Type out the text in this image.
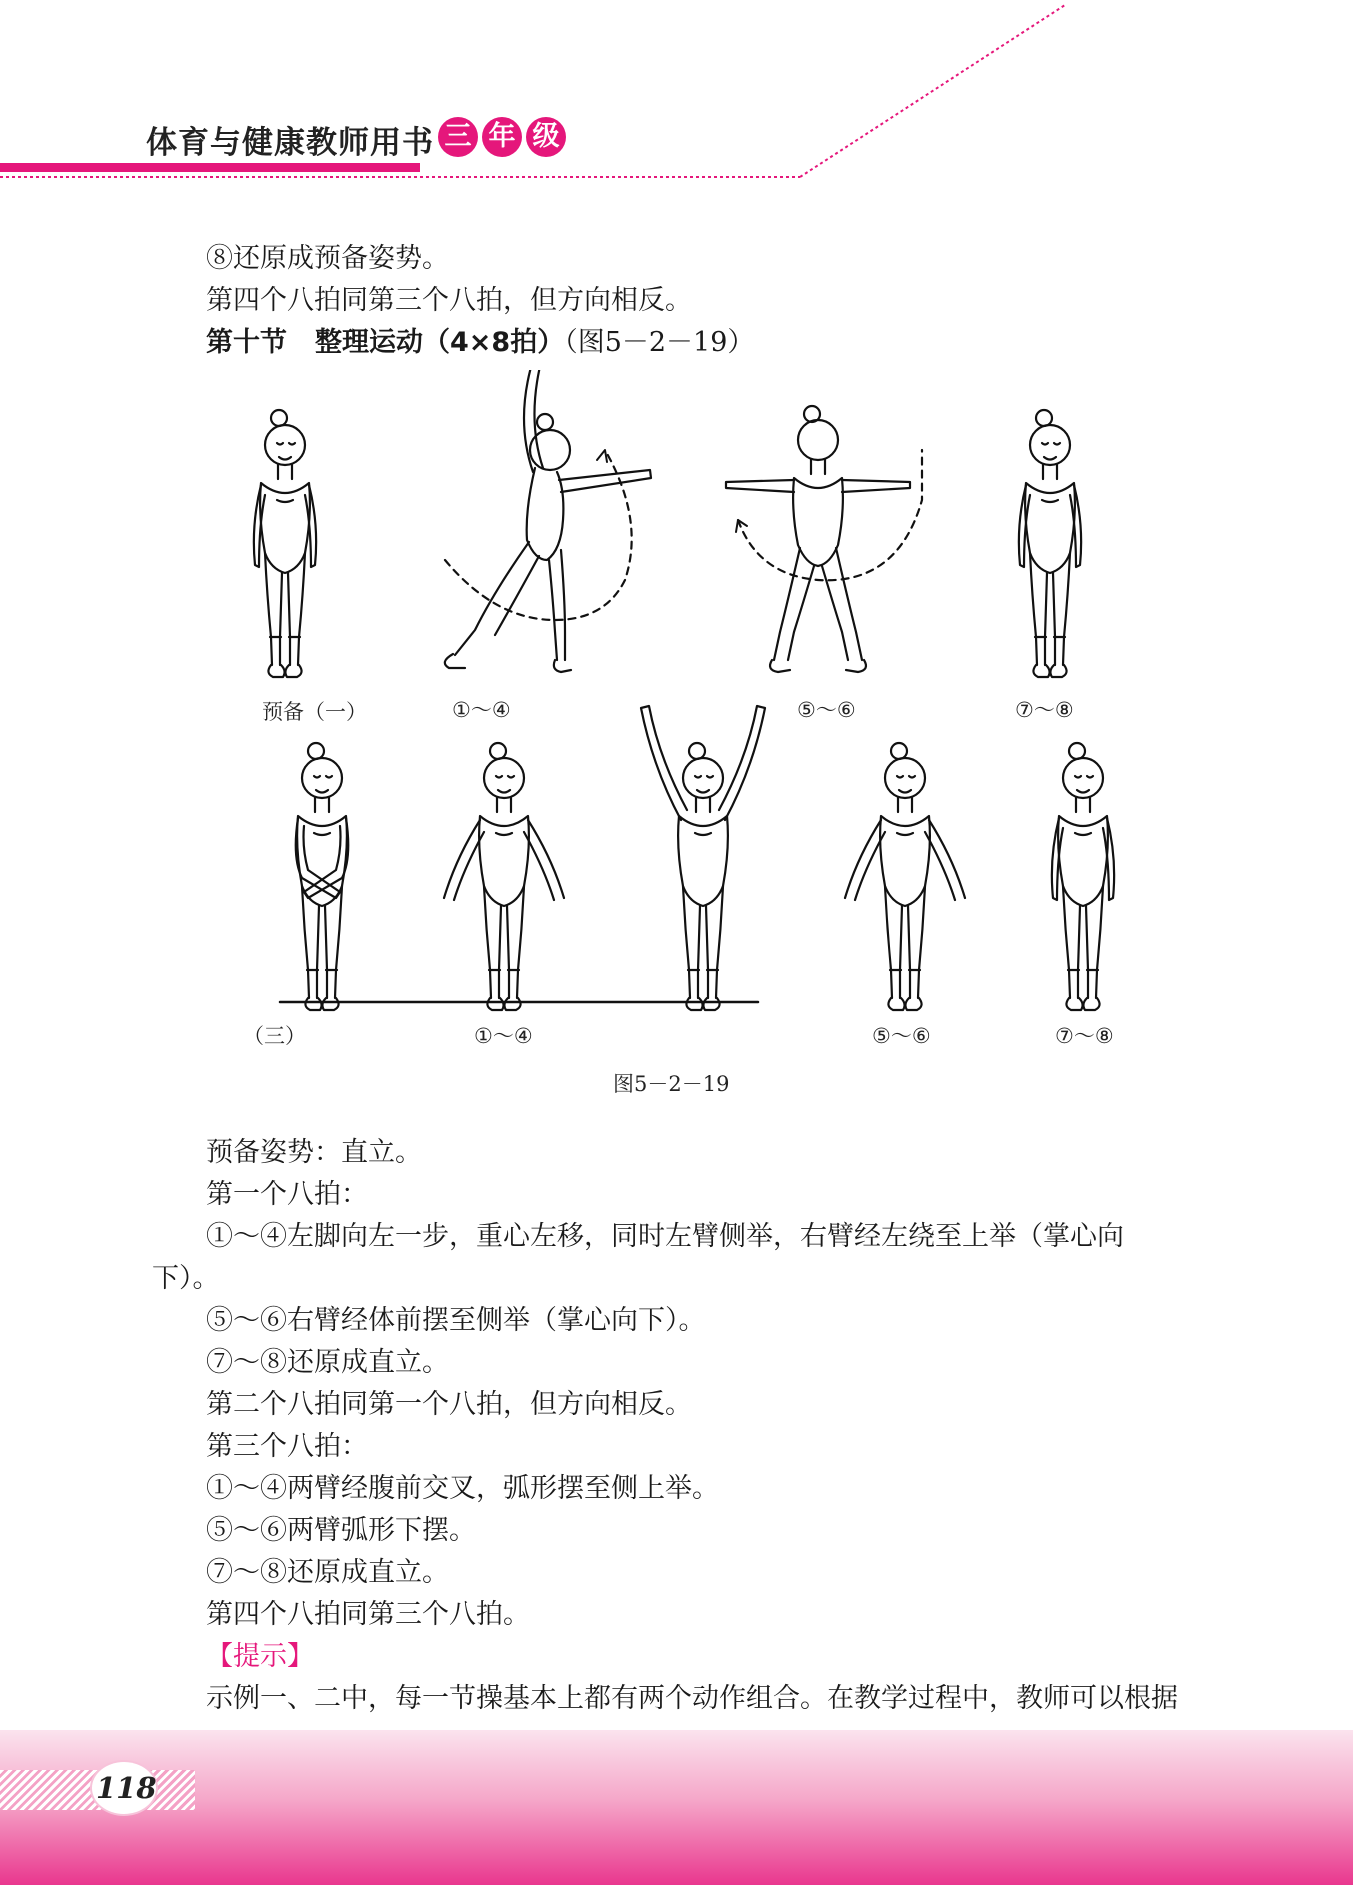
体育与健康教师用书 三 年 级
⑧还原成预备姿势。
第四个八拍同第三个八拍，但方向相反。
第十节 整理运动（4×8拍）（图5－2－19）
预备（一）	①～④	⑤～⑥	⑦～⑧
（三）	①～④	⑤～⑥	⑦～⑧
图5－2－19
预备姿势：直立。
第一个八拍：
①～④左脚向左一步，重心左移，同时左臂侧举，右臂经左绕至上举（掌心向
下）。
⑤～⑥右臂经体前摆至侧举（掌心向下）。
⑦～⑧还原成直立。
第二个八拍同第一个八拍，但方向相反。
第三个八拍：
①～④两臂经腹前交叉，弧形摆至侧上举。
⑤～⑥两臂弧形下摆。
⑦～⑧还原成直立。
第四个八拍同第三个八拍。
【提示】
示例一、二中，每一节操基本上都有两个动作组合。在教学过程中，教师可以根据
118
